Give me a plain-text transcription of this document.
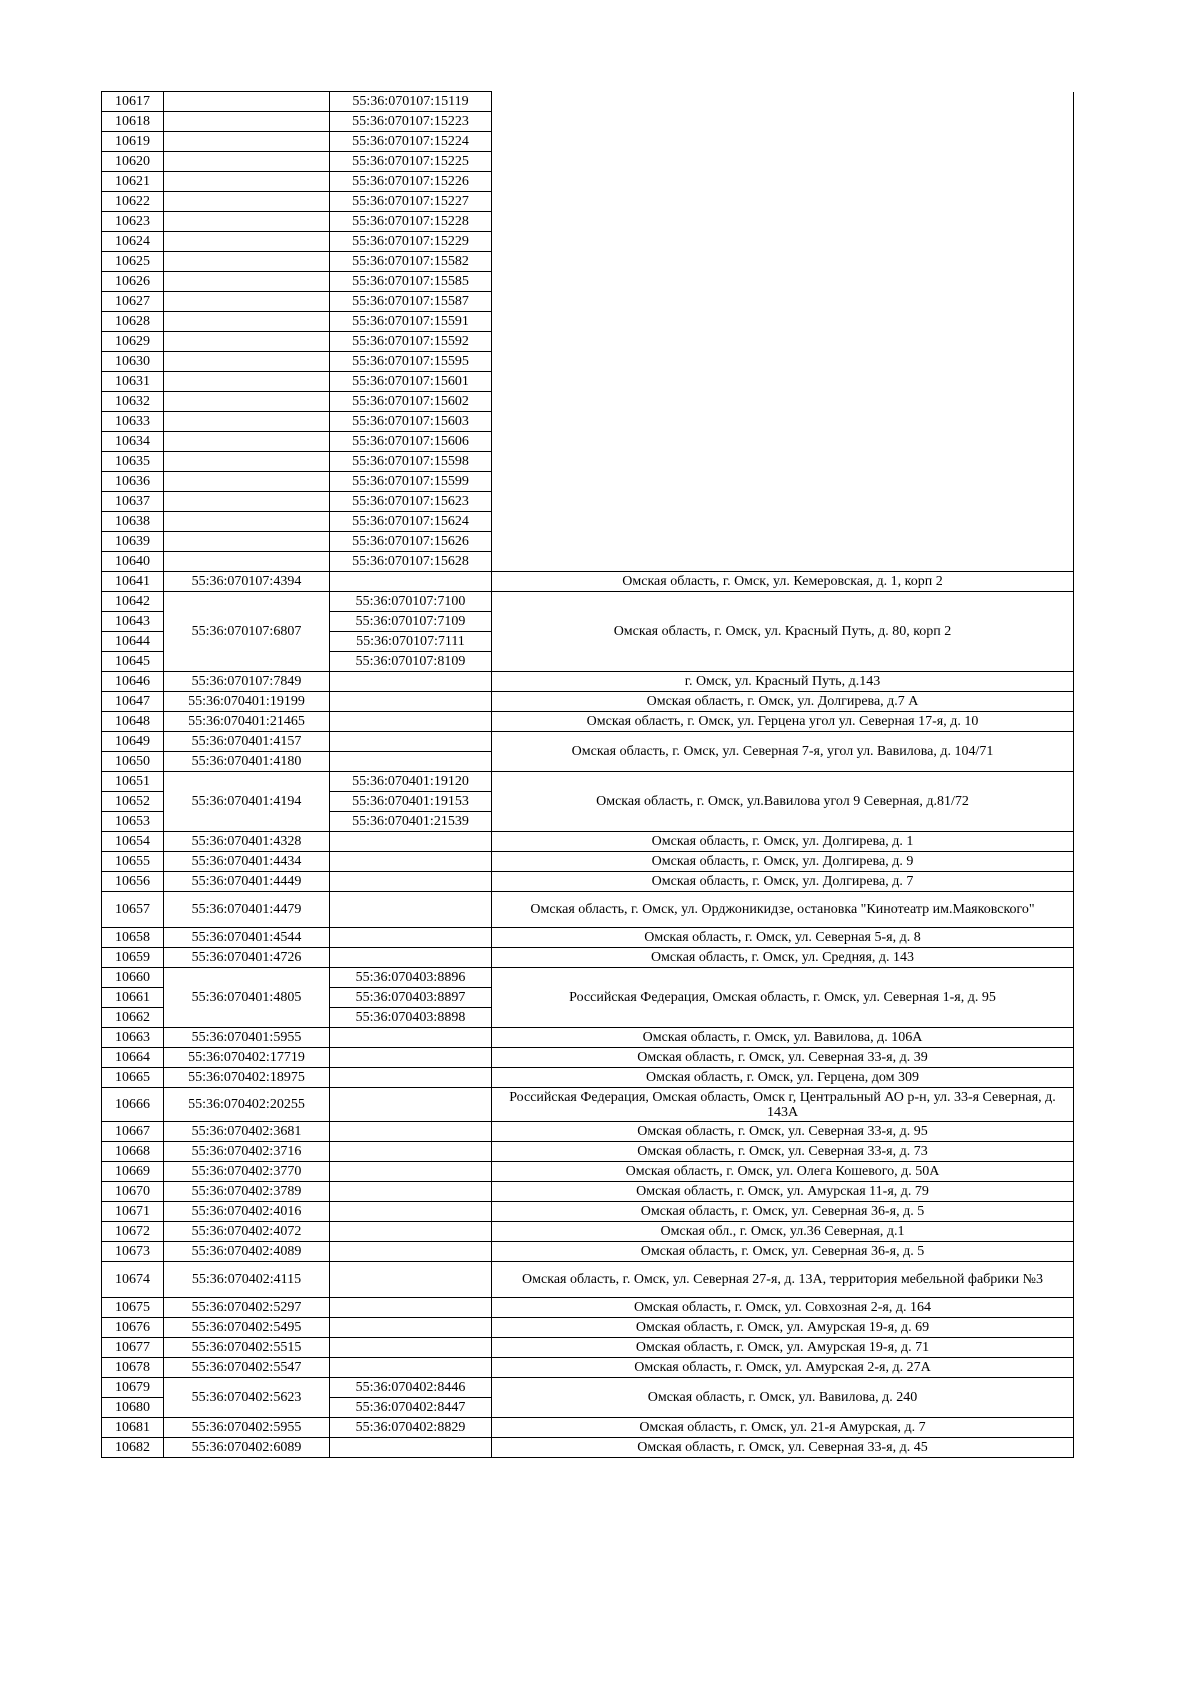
10617		55:36:070107:15119	
10618		55:36:070107:15223	
10619		55:36:070107:15224	
10620		55:36:070107:15225	
10621		55:36:070107:15226	
10622		55:36:070107:15227	
10623		55:36:070107:15228	
10624		55:36:070107:15229	
10625		55:36:070107:15582	
10626		55:36:070107:15585	
10627		55:36:070107:15587	
10628		55:36:070107:15591	
10629		55:36:070107:15592	
10630		55:36:070107:15595	
10631		55:36:070107:15601	
10632		55:36:070107:15602	
10633		55:36:070107:15603	
10634		55:36:070107:15606	
10635		55:36:070107:15598	
10636		55:36:070107:15599	
10637		55:36:070107:15623	
10638		55:36:070107:15624	
10639		55:36:070107:15626	
10640		55:36:070107:15628	
10641	55:36:070107:4394		Омская область, г. Омск, ул. Кемеровская, д. 1, корп 2
10642	55:36:070107:6807	55:36:070107:7100	Омская область, г. Омск, ул. Красный Путь, д. 80, корп 2
10643		55:36:070107:7109	
10644		55:36:070107:7111	
10645		55:36:070107:8109	
10646	55:36:070107:7849		г. Омск, ул. Красный Путь, д.143
10647	55:36:070401:19199		Омская область, г. Омск, ул. Долгирева, д.7 А
10648	55:36:070401:21465		Омская область, г. Омск, ул. Герцена угол ул. Северная 17-я, д. 10
10649	55:36:070401:4157		Омская область, г. Омск, ул. Северная 7-я, угол ул. Вавилова, д. 104/71
10650	55:36:070401:4180		
10651	55:36:070401:4194	55:36:070401:19120	Омская область, г. Омск, ул.Вавилова угол 9 Северная, д.81/72
10652		55:36:070401:19153	
10653		55:36:070401:21539	
10654	55:36:070401:4328		Омская область, г. Омск, ул. Долгирева, д. 1
10655	55:36:070401:4434		Омская область, г. Омск, ул. Долгирева, д. 9
10656	55:36:070401:4449		Омская область, г. Омск, ул. Долгирева, д. 7
10657	55:36:070401:4479		Омская область, г. Омск, ул. Орджоникидзе, остановка "Кинотеатр им.Маяковского"
10658	55:36:070401:4544		Омская область, г. Омск, ул. Северная 5-я, д. 8
10659	55:36:070401:4726		Омская область, г. Омск, ул. Средняя, д. 143
10660	55:36:070401:4805	55:36:070403:8896	Российская Федерация, Омская область, г. Омск, ул. Северная 1-я, д. 95
10661		55:36:070403:8897	
10662		55:36:070403:8898	
10663	55:36:070401:5955		Омская область, г. Омск, ул. Вавилова, д. 106А
10664	55:36:070402:17719		Омская область, г. Омск, ул. Северная 33-я, д. 39
10665	55:36:070402:18975		Омская область, г. Омск, ул. Герцена, дом 309
10666	55:36:070402:20255		Российская Федерация, Омская область, Омск г, Центральный АО р-н, ул. 33-я Северная, д. 143А
10667	55:36:070402:3681		Омская область, г. Омск, ул. Северная 33-я, д. 95
10668	55:36:070402:3716		Омская область, г. Омск, ул. Северная 33-я, д. 73
10669	55:36:070402:3770		Омская область, г. Омск, ул. Олега Кошевого, д. 50А
10670	55:36:070402:3789		Омская область, г. Омск, ул. Амурская 11-я, д. 79
10671	55:36:070402:4016		Омская область, г. Омск, ул. Северная 36-я, д. 5
10672	55:36:070402:4072		Омская обл., г. Омск, ул.36 Северная, д.1
10673	55:36:070402:4089		Омская область, г. Омск, ул. Северная 36-я, д. 5
10674	55:36:070402:4115		Омская область, г. Омск, ул. Северная 27-я, д. 13А, территория мебельной фабрики №3
10675	55:36:070402:5297		Омская область, г. Омск, ул. Совхозная 2-я, д. 164
10676	55:36:070402:5495		Омская область, г. Омск, ул. Амурская 19-я, д. 69
10677	55:36:070402:5515		Омская область, г. Омск, ул. Амурская 19-я, д. 71
10678	55:36:070402:5547		Омская область, г. Омск, ул. Амурская 2-я, д. 27А
10679	55:36:070402:5623	55:36:070402:8446	Омская область, г. Омск, ул. Вавилова, д. 240
10680		55:36:070402:8447	
10681	55:36:070402:5955	55:36:070402:8829	Омская область, г. Омск, ул. 21-я Амурская, д. 7
10682	55:36:070402:6089		Омская область, г. Омск, ул. Северная 33-я, д. 45
